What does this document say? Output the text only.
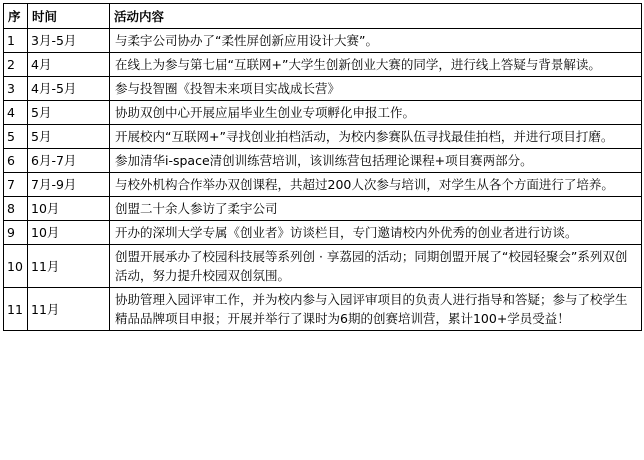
序	时间	活动内容
1	3月-5月	与柔宇公司协办了“柔性屏创新应用设计大赛”。
2	4月	在线上为参与第七届“互联网+”大学生创新创业大赛的同学，进行线上答疑与背景解读。
3	4月-5月	参与投智圈《投智未来项目实战成长营》
4	5月	协助双创中心开展应届毕业生创业专项孵化申报工作。
5	5月	开展校内“互联网+”寻找创业拍档活动，为校内参赛队伍寻找最佳拍档，并进行项目打磨。
6	6月-7月	参加清华i-space清创训练营培训，该训练营包括理论课程+项目赛两部分。
7	7月-9月	与校外机构合作举办双创课程，共超过200人次参与培训，对学生从各个方面进行了培养。
8	10月	创盟二十余人参访了柔宇公司
9	10月	开办的深圳大学专属《创业者》访谈栏目，专门邀请校内外优秀的创业者进行访谈。
10	11月	创盟开展承办了校园科技展等系列创 · 享荔园的活动；同期创盟开展了“校园轻聚会”系列双创活动，努力提升校园双创氛围。
11	11月	协助管理入园评审工作，并为校内参与入园评审项目的负责人进行指导和答疑；参与了校学生精品品牌项目申报；开展并举行了课时为6期的创赛培训营，累计100+学员受益！
